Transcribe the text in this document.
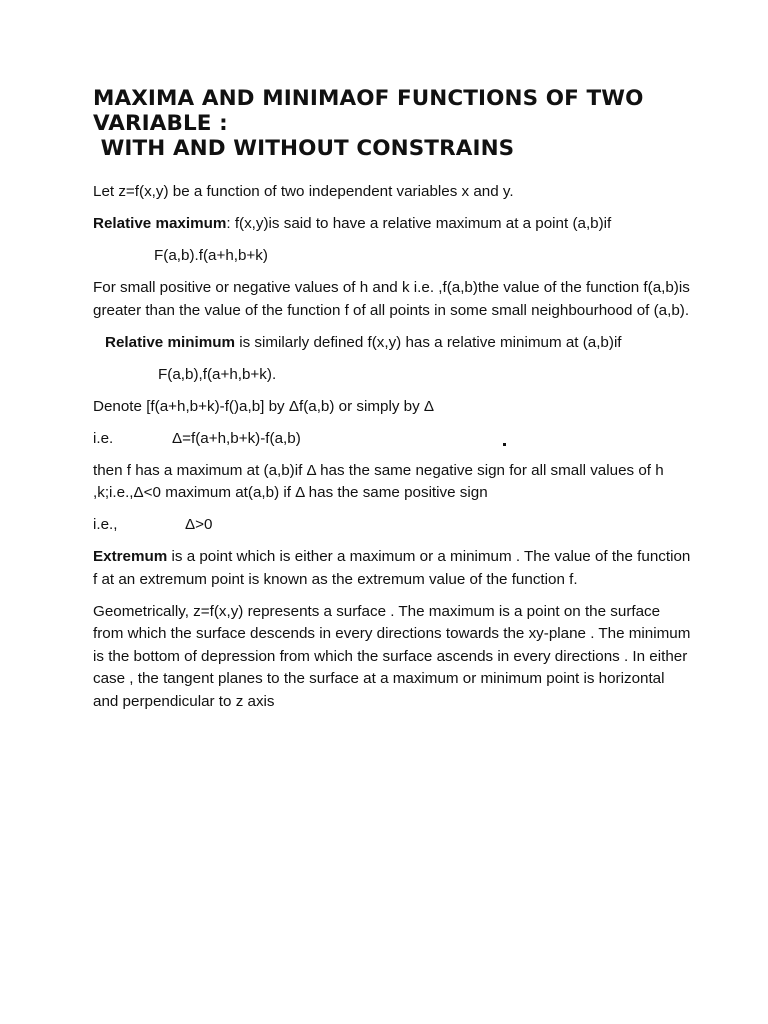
MAXIMA AND MINIMAOF FUNCTIONS OF TWO
VARIABLE :
WITH AND WITHOUT CONSTRAINS

Let z=f(x,y) be a function of two independent variables x and y.

Relative maximum: f(x,y)is said to have a relative maximum at a point (a,b)if

F(a,b).f(a+h,b+k)

For small positive or negative values of h and k i.e. ,f(a,b)the value of the function f(a,b)is greater than the value of the function f of all points in some small neighbourhood of (a,b).

Relative minimum is similarly defined f(x,y) has a relative minimum at (a,b)if

F(a,b),f(a+h,b+k).

Denote [f(a+h,b+k)-f()a,b] by Δf(a,b) or simply by Δ

i.e.	Δ=f(a+h,b+k)-f(a,b)

then f has a maximum at (a,b)if Δ has the same negative sign for all small values of h ,k;i.e.,Δ<0 maximum at(a,b) if Δ has the same positive sign

i.e.,	Δ>0

Extremum is a point which is either a maximum or a minimum . The value of the function f at an extremum point is known as the extremum value of the function f.

Geometrically, z=f(x,y) represents a surface . The maximum is a point on the surface from which the surface descends in every directions towards the xy-plane . The minimum is the bottom of depression from which the surface ascends in every directions . In either case , the tangent planes to the surface at a maximum or minimum point is horizontal and perpendicular to z axis
